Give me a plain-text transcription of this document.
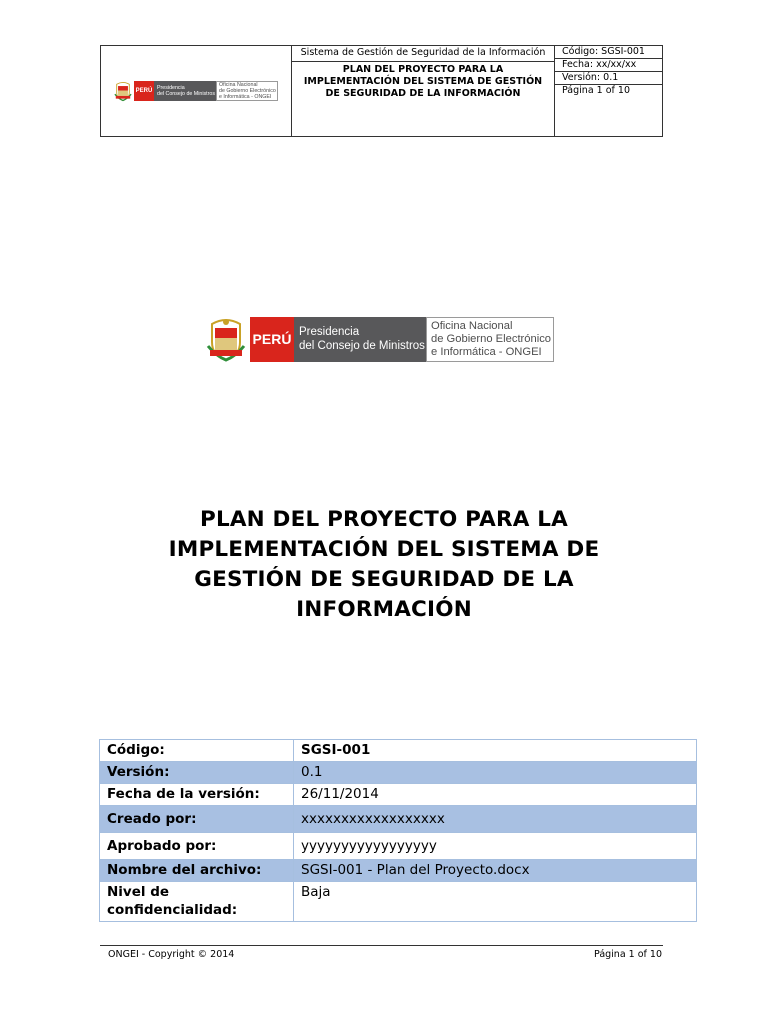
PERÚ
Presidencia
del Consejo de Ministros
Oficina Nacional
de Gobierno Electrónico
e Informática - ONGEI
Sistema de Gestión de Seguridad de la Información
PLAN DEL PROYECTO PARA LA IMPLEMENTACIÓN DEL SISTEMA DE GESTIÓN DE SEGURIDAD DE LA INFORMACIÓN
Código: SGSI-001
Fecha: xx/xx/xx
Versión: 0.1
Página 1 of 10
PERÚ Presidencia
del Consejo de Ministros
Oficina Nacional
de Gobierno Electrónico
e Informática - ONGEI
PLAN DEL PROYECTO PARA LA
IMPLEMENTACIÓN DEL SISTEMA DE
GESTIÓN DE SEGURIDAD DE LA
INFORMACIÓN
Código:	SGSI-001
Versión:	0.1
Fecha de la versión:	26/11/2014
Creado por:	xxxxxxxxxxxxxxxxxx
Aprobado por:	yyyyyyyyyyyyyyyyy
Nombre del archivo:	SGSI-001 - Plan del Proyecto.docx
Nivel de confidencialidad:	Baja
ONGEI - Copyright © 2014	Página 1 of 10
